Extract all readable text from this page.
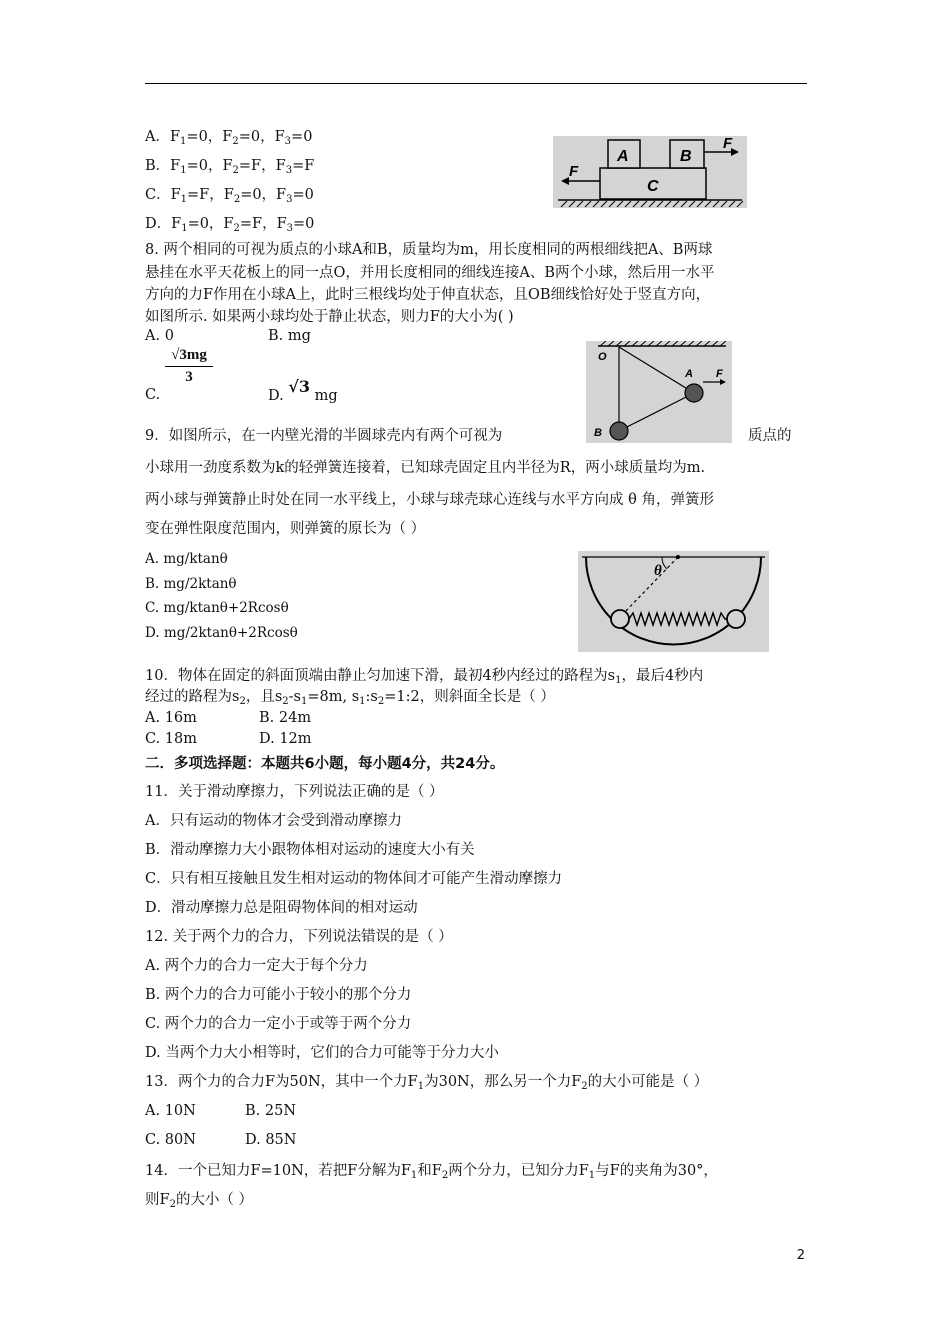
A．$F_1=0$，$F_2=0$，$F_3=0$
B．$F_1=0$，$F_2=F$，$F_3=F$
C．$F_1=F$，$F_2=0$，$F_3=0$
D．$F_1=0$，$F_2=F$，$F_3=0$
A	B
C
F
F
8. 两个相同的可视为质点的小球A和B，质量均为m，用长度相同的两根细线把A、B两球
悬挂在水平天花板上的同一点O，并用长度相同的细线连接A、B两个小球，然后用一水平
方向的力F作用在小球A上，此时三根线均处于伸直状态，且OB细线恰好处于竖直方向，
如图所示. 如果两小球均处于静止状态，则力F的大小为( )
A. 0	B. mg
C.
√3mg
3
D. √3 mg
O
A F
B
9．如图所示，在一内壁光滑的半圆球壳内有两个可视为	质点的
小球用一劲度系数为k的轻弹簧连接着，已知球壳固定且内半径为R，两小球质量均为m.
两小球与弹簧静止时处在同一水平线上，小球与球壳球心连线与水平方向成 θ 角，弹簧形
变在弹性限度范围内，则弹簧的原长为（ ）
A. mg/ktanθ
B. mg/2ktanθ
C. mg/ktanθ+2Rcosθ
D. mg/2ktanθ+2Rcosθ
θ
10．物体在固定的斜面顶端由静止匀加速下滑，最初4秒内经过的路程为$s_1$，最后4秒内
经过的路程为$s_2$，且$s_2-s_1=8m$, $s_1:s_2=1:2$，则斜面全长是（ ）
A. 16m	B. 24m
C. 18m	D. 12m
二．多项选择题：本题共6小题，每小题4分，共24分。
11．关于滑动摩擦力，下列说法正确的是（ ）
A．只有运动的物体才会受到滑动摩擦力
B．滑动摩擦力大小跟物体相对运动的速度大小有关
C．只有相互接触且发生相对运动的物体间才可能产生滑动摩擦力
D．滑动摩擦力总是阻碍物体间的相对运动
12. 关于两个力的合力，下列说法错误的是（ ）
A. 两个力的合力一定大于每个分力
B. 两个力的合力可能小于较小的那个分力
C. 两个力的合力一定小于或等于两个分力
D. 当两个力大小相等时，它们的合力可能等于分力大小
13．两个力的合力F为50N，其中一个力$F_1$为30N，那么另一个力$F_2$的大小可能是（ ）
A. 10N	B. 25N
C. 80N	D. 85N
14．一个已知力F=10N，若把F分解为$F_1$和$F_2$两个分力，已知分力$F_1$与F的夹角为30°，
则$F_2$的大小（ ）
2
